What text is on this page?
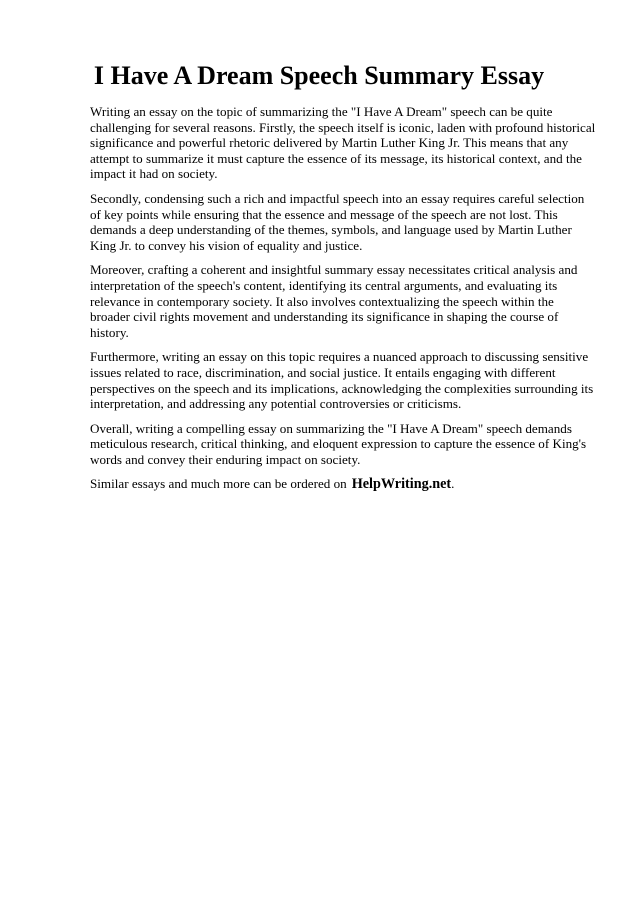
I Have A Dream Speech Summary Essay

Writing an essay on the topic of summarizing the "I Have A Dream" speech can be quite challenging for several reasons. Firstly, the speech itself is iconic, laden with profound historical significance and powerful rhetoric delivered by Martin Luther King Jr. This means that any attempt to summarize it must capture the essence of its message, its historical context, and the impact it had on society.

Secondly, condensing such a rich and impactful speech into an essay requires careful selection of key points while ensuring that the essence and message of the speech are not lost. This demands a deep understanding of the themes, symbols, and language used by Martin Luther King Jr. to convey his vision of equality and justice.

Moreover, crafting a coherent and insightful summary essay necessitates critical analysis and interpretation of the speech's content, identifying its central arguments, and evaluating its relevance in contemporary society. It also involves contextualizing the speech within the broader civil rights movement and understanding its significance in shaping the course of history.

Furthermore, writing an essay on this topic requires a nuanced approach to discussing sensitive issues related to race, discrimination, and social justice. It entails engaging with different perspectives on the speech and its implications, acknowledging the complexities surrounding its interpretation, and addressing any potential controversies or criticisms.

Overall, writing a compelling essay on summarizing the "I Have A Dream" speech demands meticulous research, critical thinking, and eloquent expression to capture the essence of King's words and convey their enduring impact on society.

Similar essays and much more can be ordered on HelpWriting.net.
